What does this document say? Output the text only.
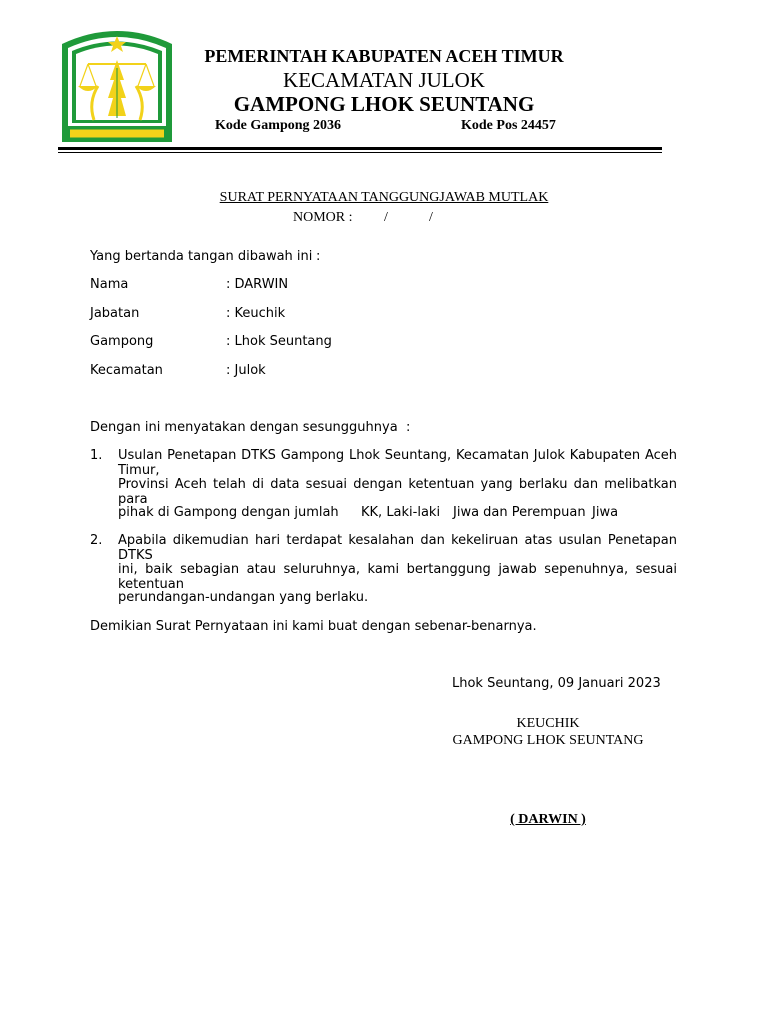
PEMERINTAH KABUPATEN ACEH TIMUR
KECAMATAN JULOK
GAMPONG LHOK SEUNTANG
Kode Gampong 2036	Kode Pos 24457
SURAT PERNYATAAN TANGGUNGJAWAB MUTLAK
NOMOR : /	/
Yang bertanda tangan dibawah ini :
Nama	: DARWIN
Jabatan	: Keuchik
Gampong	: Lhok Seuntang
Kecamatan	: Julok
Dengan ini menyatakan dengan sesungguhnya :
1. Usulan Penetapan DTKS Gampong Lhok Seuntang, Kecamatan Julok Kabupaten Aceh Timur,
Provinsi Aceh telah di data sesuai dengan ketentuan yang berlaku dan melibatkan para
pihak di Gampong dengan jumlah KK, Laki-laki Jiwa dan Perempuan Jiwa
2. Apabila dikemudian hari terdapat kesalahan dan kekeliruan atas usulan Penetapan DTKS
ini, baik sebagian atau seluruhnya, kami bertanggung jawab sepenuhnya, sesuai ketentuan
perundangan-undangan yang berlaku.
Demikian Surat Pernyataan ini kami buat dengan sebenar-benarnya.
Lhok Seuntang, 09 Januari 2023
KEUCHIK
GAMPONG LHOK SEUNTANG
( DARWIN )
